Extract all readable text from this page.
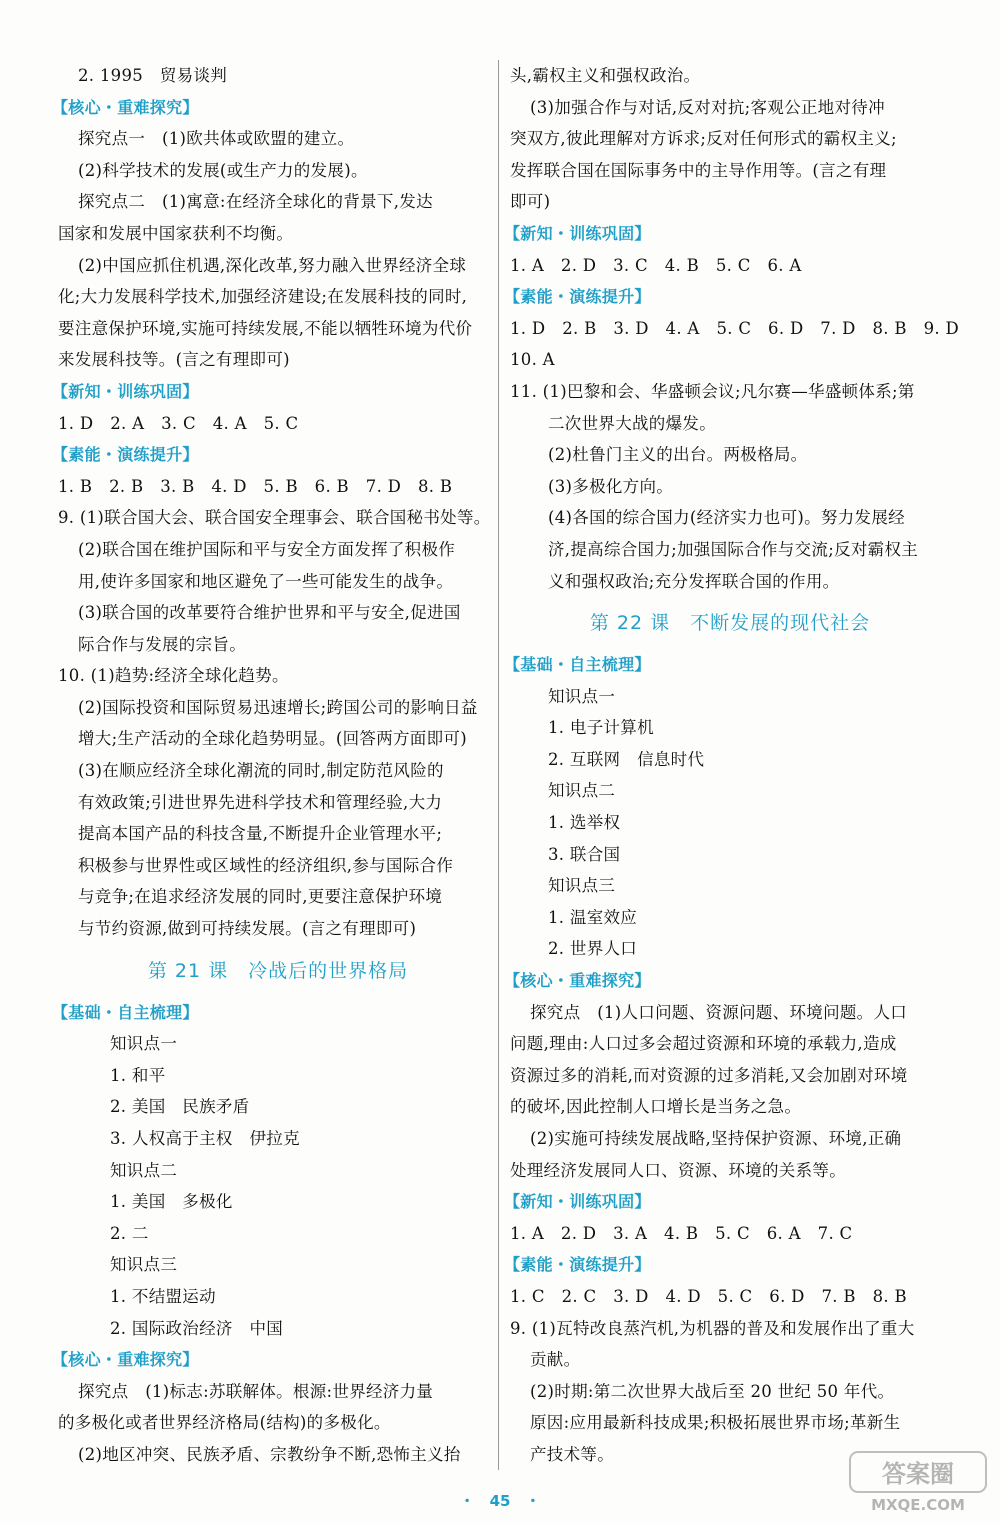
2. 1995　贸易谈判
【核心・重难探究】
探究点一　(1)欧共体或欧盟的建立。
(2)科学技术的发展(或生产力的发展)。
探究点二　(1)寓意:在经济全球化的背景下,发达
国家和发展中国家获利不均衡。
(2)中国应抓住机遇,深化改革,努力融入世界经济全球
化;大力发展科学技术,加强经济建设;在发展科技的同时,
要注意保护环境,实施可持续发展,不能以牺牲环境为代价
来发展科技等。(言之有理即可)
【新知・训练巩固】
1. D　2. A　3. C　4. A　5. C
【素能・演练提升】
1. B　2. B　3. B　4. D　5. B　6. B　7. D　8. B
9. (1)联合国大会、联合国安全理事会、联合国秘书处等。
(2)联合国在维护国际和平与安全方面发挥了积极作
用,使许多国家和地区避免了一些可能发生的战争。
(3)联合国的改革要符合维护世界和平与安全,促进国
际合作与发展的宗旨。
10. (1)趋势:经济全球化趋势。
(2)国际投资和国际贸易迅速增长;跨国公司的影响日益
增大;生产活动的全球化趋势明显。(回答两方面即可)
(3)在顺应经济全球化潮流的同时,制定防范风险的
有效政策;引进世界先进科学技术和管理经验,大力
提高本国产品的科技含量,不断提升企业管理水平;
积极参与世界性或区域性的经济组织,参与国际合作
与竞争;在追求经济发展的同时,更要注意保护环境
与节约资源,做到可持续发展。(言之有理即可)
第 21 课　冷战后的世界格局
【基础・自主梳理】
知识点一
1. 和平
2. 美国　民族矛盾
3. 人权高于主权　伊拉克
知识点二
1. 美国　多极化
2. 二
知识点三
1. 不结盟运动
2. 国际政治经济　中国
【核心・重难探究】
探究点　(1)标志:苏联解体。根源:世界经济力量
的多极化或者世界经济格局(结构)的多极化。
(2)地区冲突、民族矛盾、宗教纷争不断,恐怖主义抬
头,霸权主义和强权政治。
(3)加强合作与对话,反对对抗;客观公正地对待冲
突双方,彼此理解对方诉求;反对任何形式的霸权主义;
发挥联合国在国际事务中的主导作用等。(言之有理
即可)
【新知・训练巩固】
1. A　2. D　3. C　4. B　5. C　6. A
【素能・演练提升】
1. D　2. B　3. D　4. A　5. C　6. D　7. D　8. B　9. D
10. A
11. (1)巴黎和会、华盛顿会议;凡尔赛—华盛顿体系;第
二次世界大战的爆发。
(2)杜鲁门主义的出台。两极格局。
(3)多极化方向。
(4)各国的综合国力(经济实力也可)。努力发展经
济,提高综合国力;加强国际合作与交流;反对霸权主
义和强权政治;充分发挥联合国的作用。
第 22 课　不断发展的现代社会
【基础・自主梳理】
知识点一
1. 电子计算机
2. 互联网　信息时代
知识点二
1. 选举权
3. 联合国
知识点三
1. 温室效应
2. 世界人口
【核心・重难探究】
探究点　(1)人口问题、资源问题、环境问题。人口
问题,理由:人口过多会超过资源和环境的承载力,造成
资源过多的消耗,而对资源的过多消耗,又会加剧对环境
的破坏,因此控制人口增长是当务之急。
(2)实施可持续发展战略,坚持保护资源、环境,正确
处理经济发展同人口、资源、环境的关系等。
【新知・训练巩固】
1. A　2. D　3. A　4. B　5. C　6. A　7. C
【素能・演练提升】
1. C　2. C　3. D　4. D　5. C　6. D　7. B　8. B
9. (1)瓦特改良蒸汽机,为机器的普及和发展作出了重大
贡献。
(2)时期:第二次世界大战后至 20 世纪 50 年代。
原因:应用最新科技成果;积极拓展世界市场;革新生
产技术等。
・　45　・
答案圈
MXQE.COM
